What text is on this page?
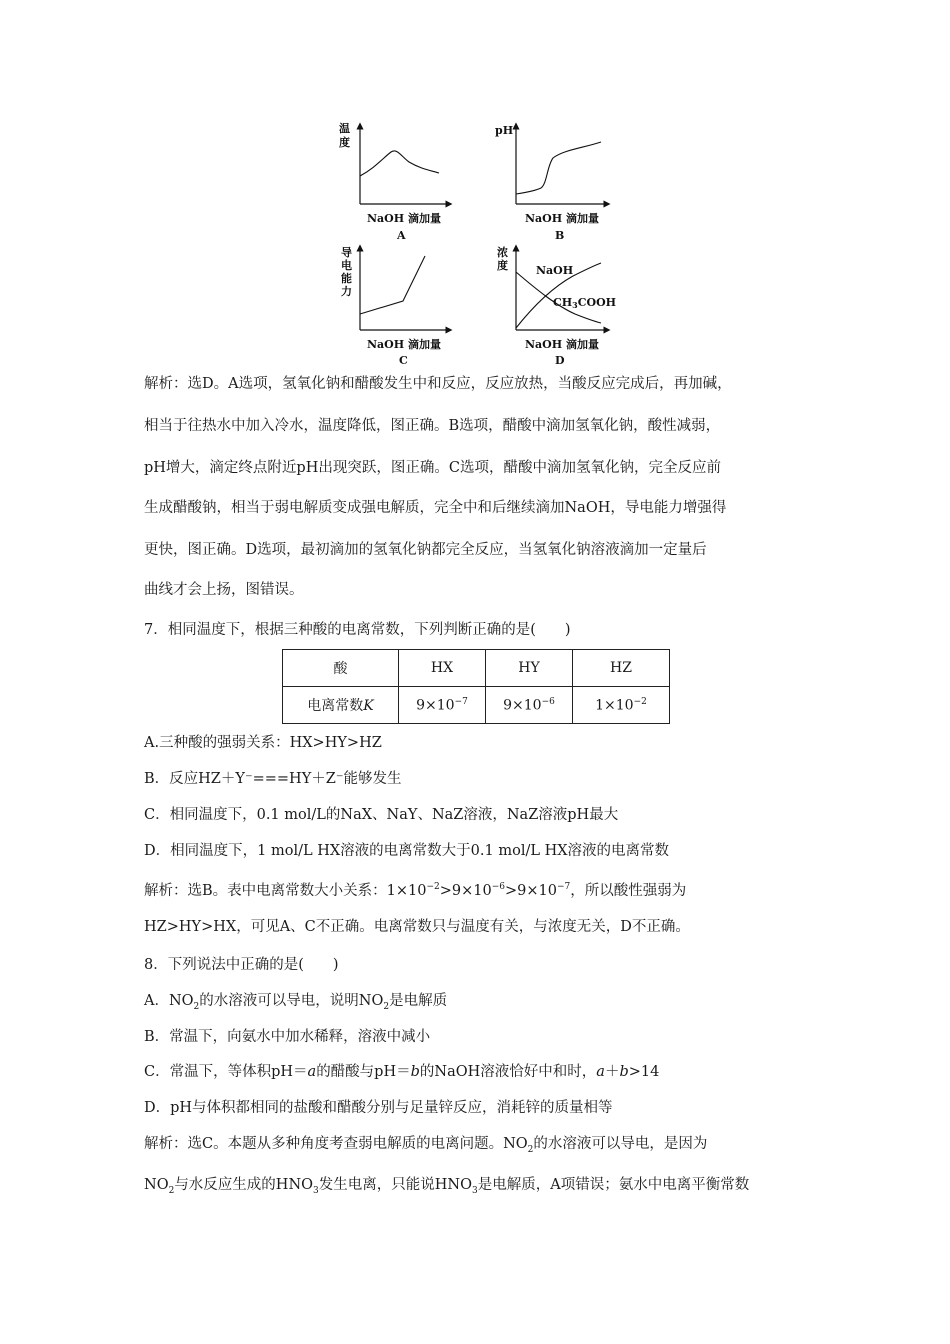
温
度
NaOH 滴加量
A
pH
NaOH 滴加量
B
导
电
能
力
NaOH 滴加量
C
浓
度	NaOH
CH3COOH
NaOH 滴加量
D
解析：选D。A选项，氢氧化钠和醋酸发生中和反应，反应放热，当酸反应完成后，再加碱，
相当于往热水中加入冷水，温度降低，图正确。B选项，醋酸中滴加氢氧化钠，酸性减弱，
pH增大，滴定终点附近pH出现突跃，图正确。C选项，醋酸中滴加氢氧化钠，完全反应前
生成醋酸钠，相当于弱电解质变成强电解质，完全中和后继续滴加NaOH，导电能力增强得
更快，图正确。D选项，最初滴加的氢氧化钠都完全反应，当氢氧化钠溶液滴加一定量后
曲线才会上扬，图错误。
7．相同温度下，根据三种酸的电离常数，下列判断正确的是(　　)
酸	HX	HY	HZ
电离常数K	$9\times 10^{-7}$	$9\times 10^{-6}$	$1\times 10^{-2}$
A.三种酸的强弱关系：HX>HY>HZ
B．反应HZ＋Y⁻===HY＋Z⁻能够发生
C．相同温度下，0.1 mol/L的NaX、NaY、NaZ溶液，NaZ溶液pH最大
D．相同温度下，1 mol/L HX溶液的电离常数大于0.1 mol/L HX溶液的电离常数
解析：选B。表中电离常数大小关系：$1\times 10^{-2}>9\times 10^{-6}>9\times 10^{-7}$，所以酸性强弱为
HZ>HY>HX，可见A、C不正确。电离常数只与温度有关，与浓度无关，D不正确。
8．下列说法中正确的是(　　)
A．$NO_2$的水溶液可以导电，说明$NO_2$是电解质
B．常温下，向氨水中加水稀释，溶液中减小
C．常温下，等体积pH＝a的醋酸与pH＝b的NaOH溶液恰好中和时，a＋b>14
D．pH与体积都相同的盐酸和醋酸分别与足量锌反应，消耗锌的质量相等
解析：选C。本题从多种角度考查弱电解质的电离问题。$NO_2$的水溶液可以导电，是因为
$NO_2$与水反应生成的$HNO_3$发生电离，只能说$HNO_3$是电解质，A项错误；氨水中电离平衡常数
